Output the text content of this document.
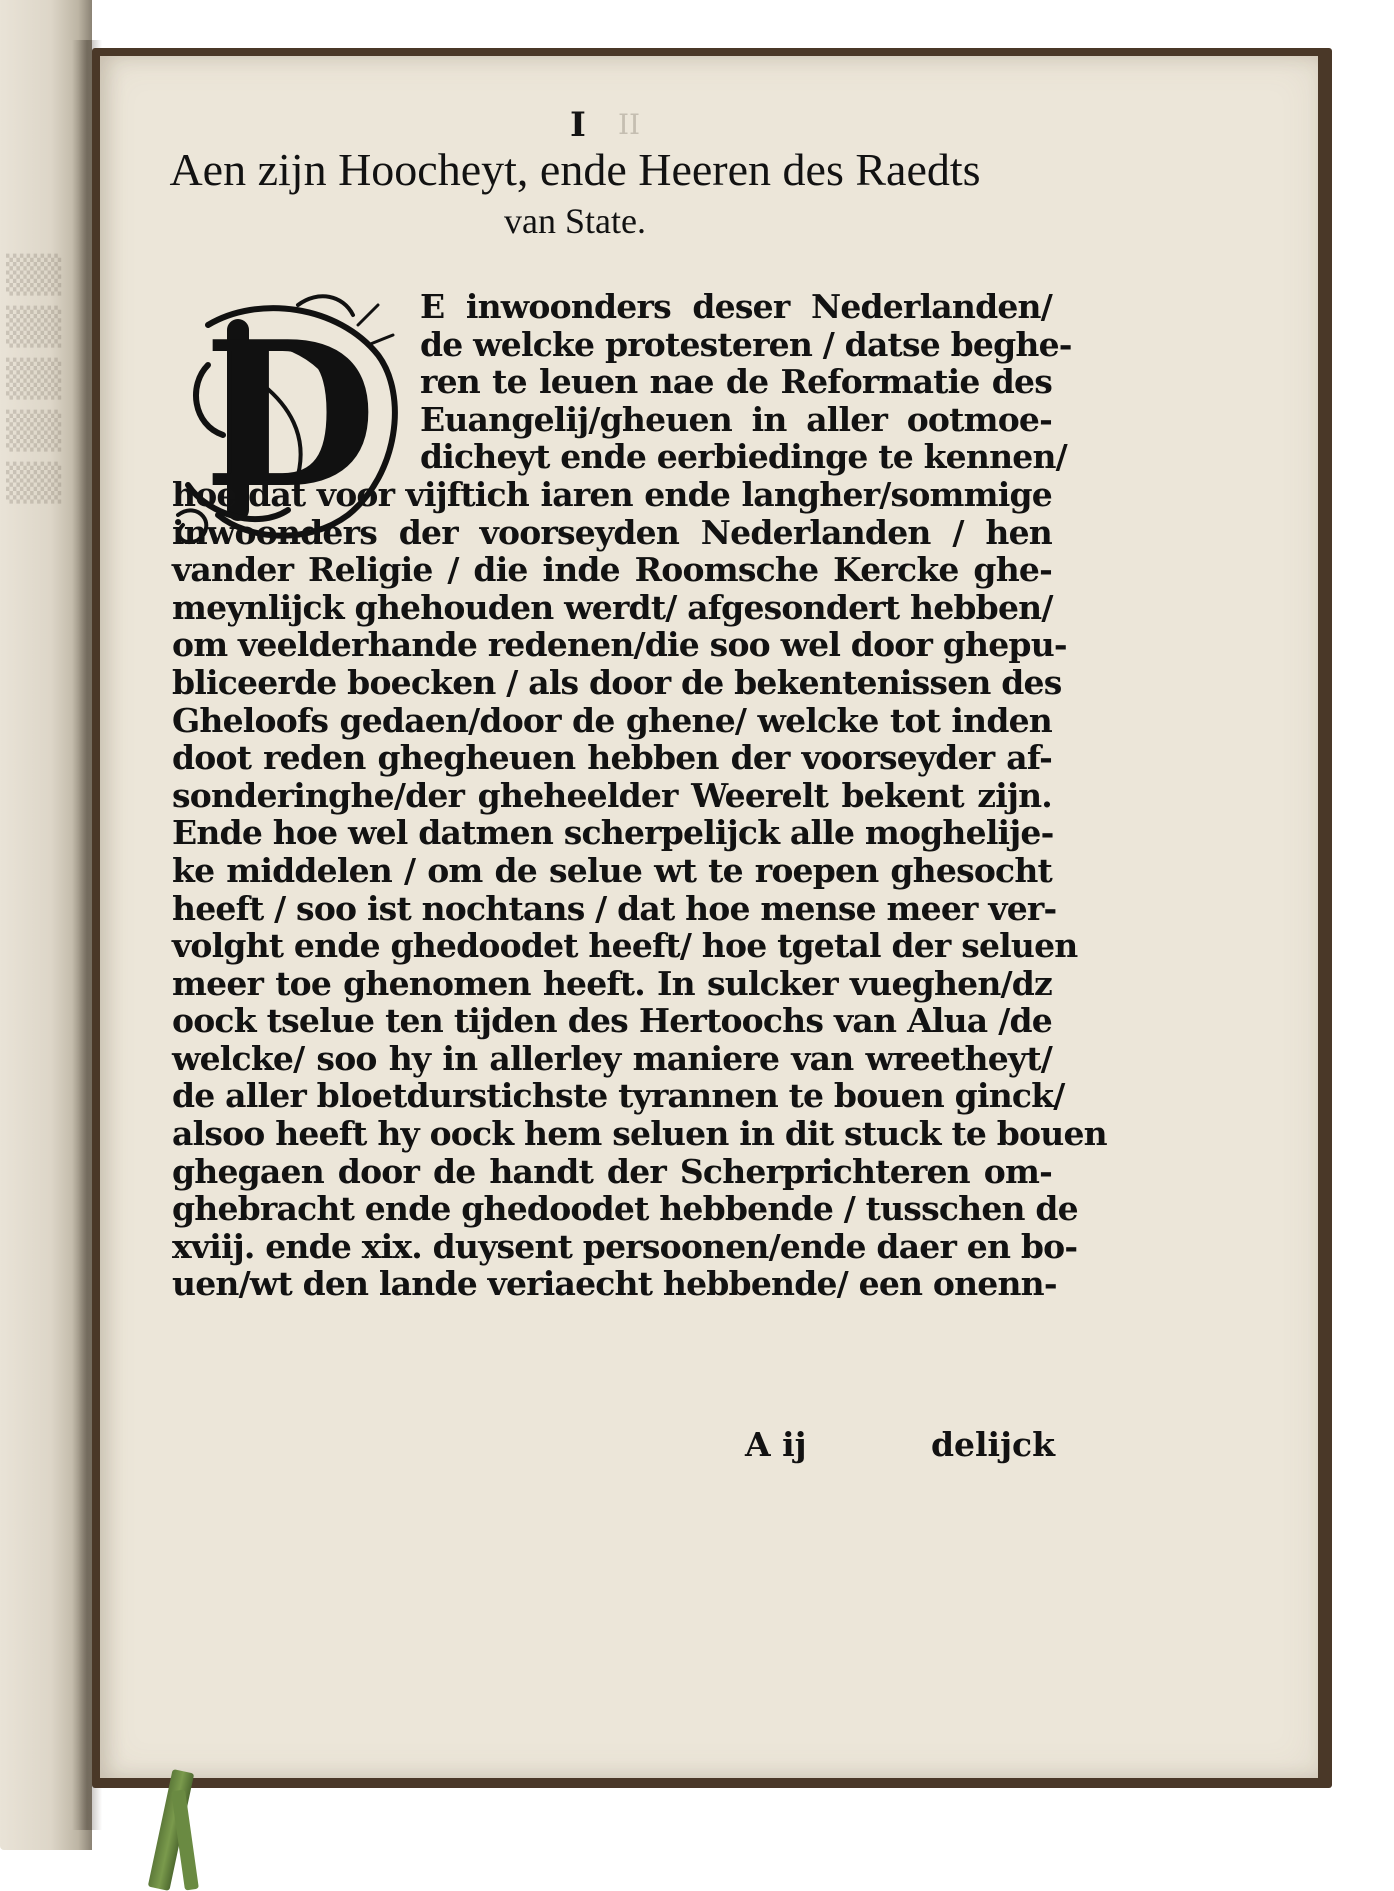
▒▒
▒▒
▒▒
▒▒
▒▒
I II
Aen zijn Hoocheyt, ende Heeren des Raedts
van State.
D	E inwoonders deser Nederlanden/
de welcke protesteren / datse beghe-
ren te leuen nae de Reformatie des
Euangelij/gheuen in aller ootmoe-
dicheyt ende eerbiedinge te kennen/
hoe dat voor vijftich iaren ende langher/sommige
inwoonders der voorseyden Nederlanden / hen
vander Religie / die inde Roomsche Kercke ghe-
meynlijck ghehouden werdt/ afgesondert hebben/
om veelderhande redenen/die soo wel door ghepu-
bliceerde boecken / als door de bekentenissen des
Gheloofs gedaen/door de ghene/ welcke tot inden
doot reden ghegheuen hebben der voorseyder af-
sonderinghe/der gheheelder Weerelt bekent zijn.
Ende hoe wel datmen scherpelijck alle moghelije-
ke middelen / om de selue wt te roepen ghesocht
heeft / soo ist nochtans / dat hoe mense meer ver-
volght ende ghedoodet heeft/ hoe tgetal der seluen
meer toe ghenomen heeft. In sulcker vueghen/dz
oock tselue ten tijden des Hertoochs van Alua /de
welcke/ soo hy in allerley maniere van wreetheyt/
de aller bloetdurstichste tyrannen te bouen ginck/
alsoo heeft hy oock hem seluen in dit stuck te bouen
ghegaen door de handt der Scherprichteren om-
ghebracht ende ghedoodet hebbende / tusschen de
xviij. ende xix. duysent persoonen/ende daer en bo-
uen/wt den lande veriaecht hebbende/ een onenn-
A ij	delijck
